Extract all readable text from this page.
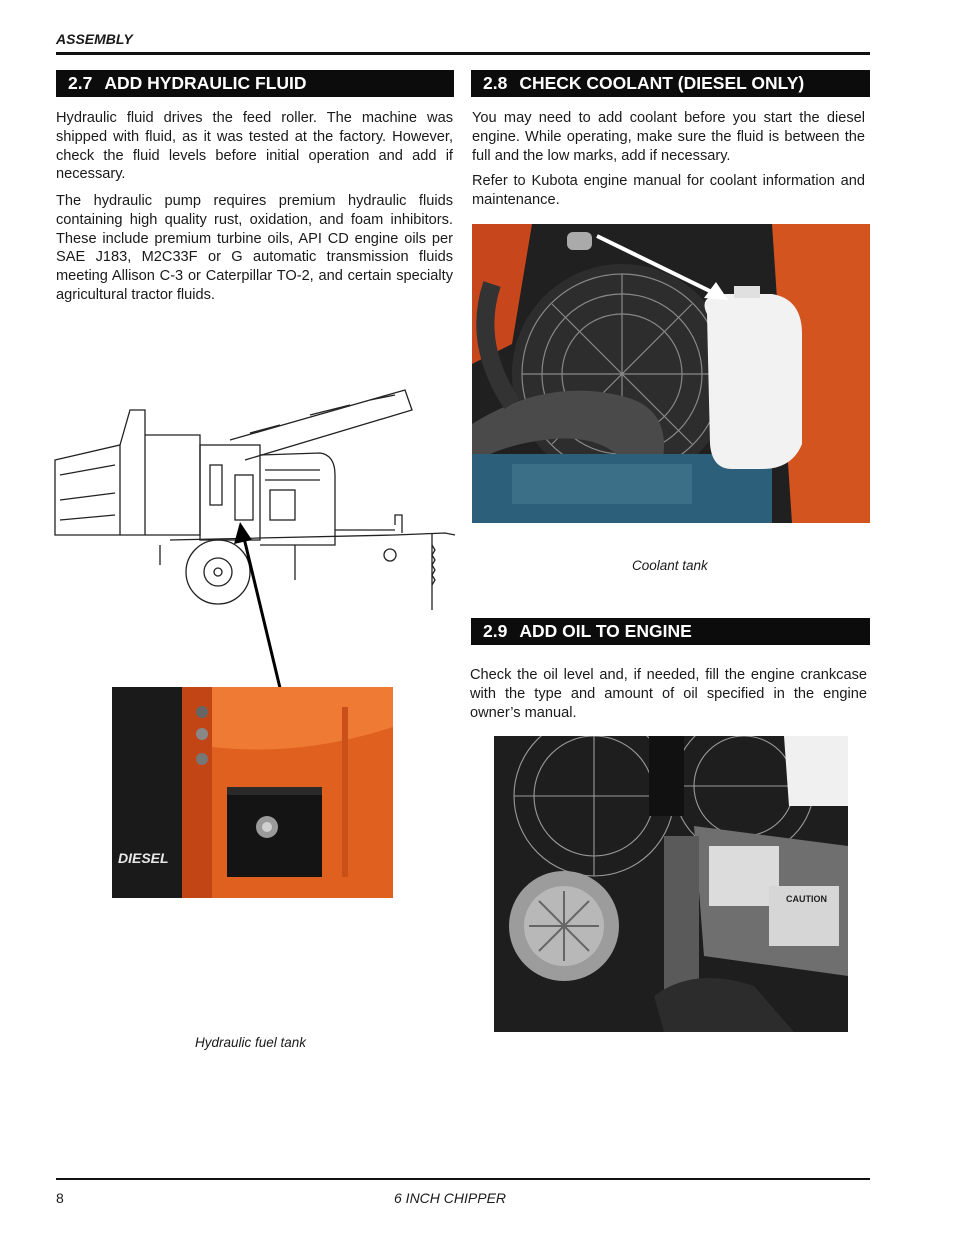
ASSEMBLY
2.7 ADD HYDRAULIC FLUID
Hydraulic fluid drives the feed roller. The machine was shipped with fluid, as it was tested at the factory. However, check the fluid levels before initial operation and add if necessary.
The hydraulic pump requires premium hydraulic fluids containing high quality rust, oxidation, and foam inhibitors. These include premium turbine oils, API CD engine oils per SAE J183, M2C33F or G automatic transmission fluids meeting Allison C-3 or Caterpillar TO-2, and certain specialty agricultural tractor fluids.
DIESEL
Hydraulic fuel tank
2.8 CHECK COOLANT (DIESEL ONLY)
You may need to add coolant before you start the diesel engine. While operating, make sure the fluid is between the full and the low marks, add if necessary.
Refer to Kubota engine manual for coolant information and maintenance.
Coolant tank
2.9 ADD OIL TO ENGINE
Check the oil level and, if needed, fill the engine crankcase with the type and amount of oil specified in the engine owner’s manual.
CAUTION
8	6 INCH CHIPPER
